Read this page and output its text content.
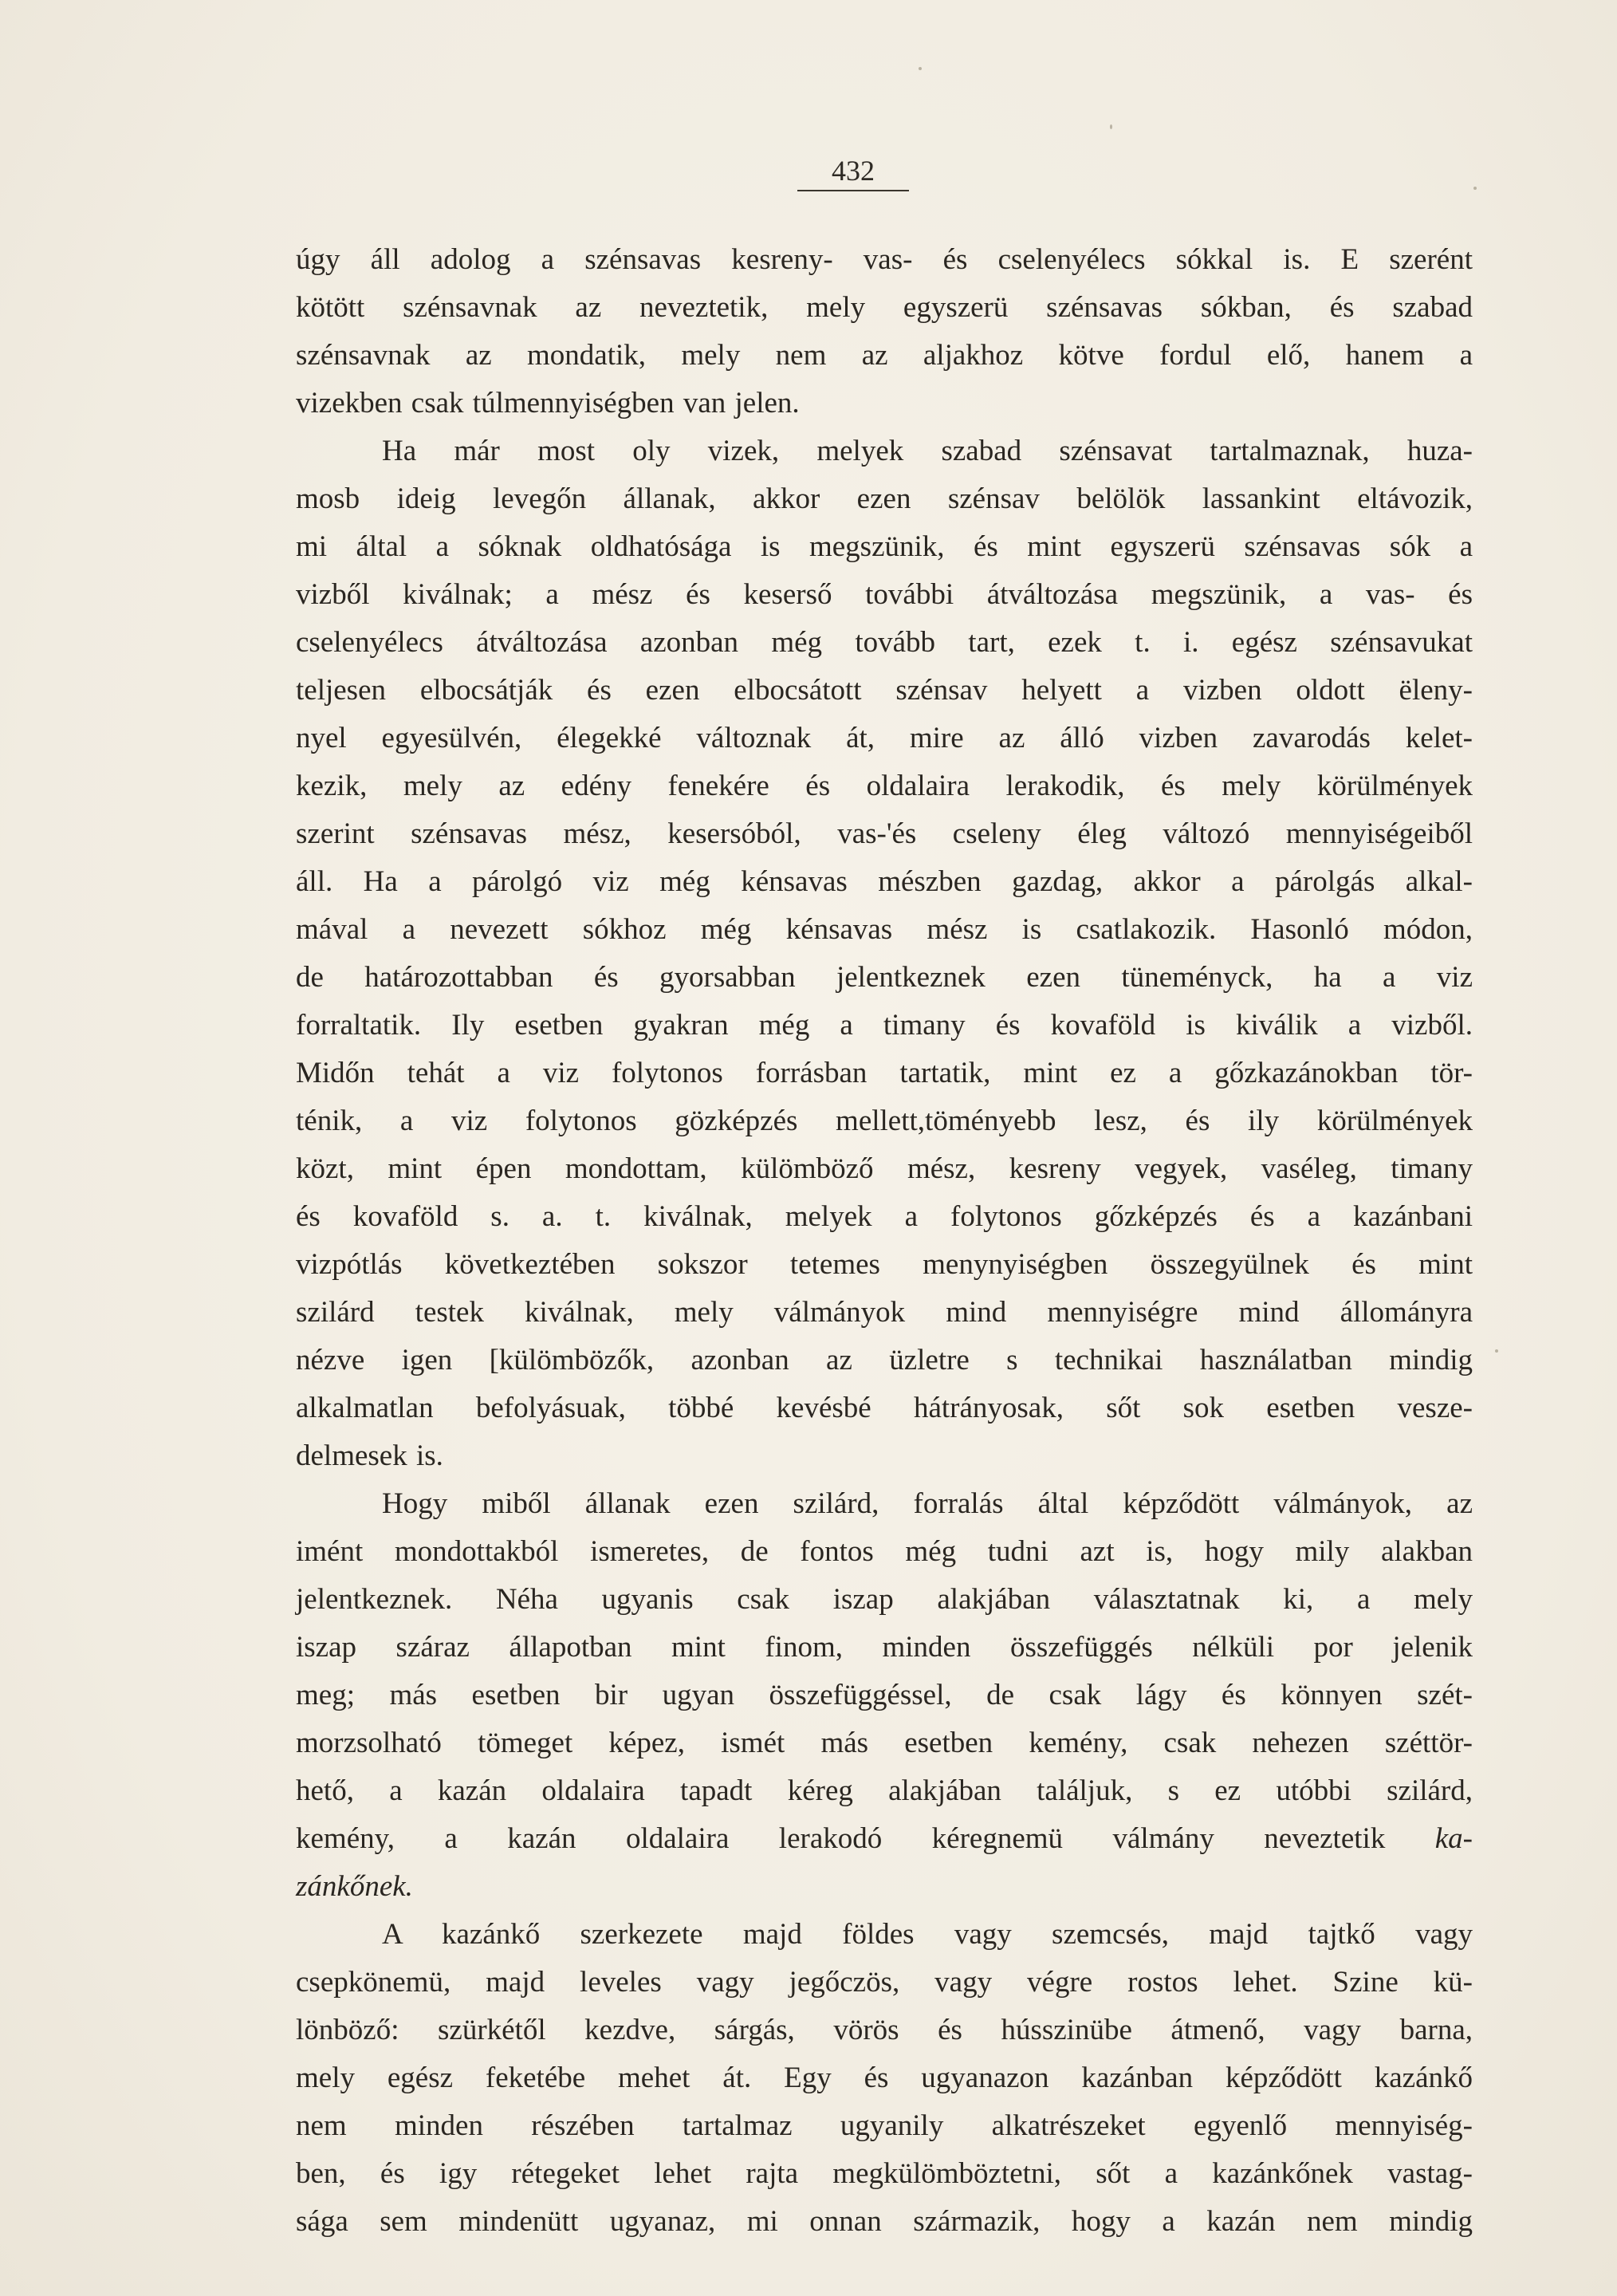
432
úgy áll adolog a szénsavas kesreny- vas- és cselenyélecs sókkal is. E szerént
kötött szénsavnak az neveztetik, mely egyszerü szénsavas sókban, és szabad
szénsavnak az mondatik, mely nem az aljakhoz kötve fordul elő, hanem a
vizekben csak túlmennyiségben van jelen.
Ha már most oly vizek, melyek szabad szénsavat tartalmaznak, huza-
mosb ideig levegőn állanak, akkor ezen szénsav belölök lassankint eltávozik,
mi által a sóknak oldhatósága is megszünik, és mint egyszerü szénsavas sók a
vizből kiválnak; a mész és keserső további átváltozása megszünik, a vas- és
cselenyélecs átváltozása azonban még tovább tart, ezek t. i. egész szénsavukat
teljesen elbocsátják és ezen elbocsátott szénsav helyett a vizben oldott ëleny-
nyel egyesülvén, élegekké változnak át, mire az álló vizben zavarodás kelet-
kezik, mely az edény fenekére és oldalaira lerakodik, és mely körülmények
szerint szénsavas mész, kesersóból, vas-'és cseleny éleg változó mennyiségeiből
áll. Ha a párolgó viz még kénsavas mészben gazdag, akkor a párolgás alkal-
mával a nevezett sókhoz még kénsavas mész is csatlakozik. Hasonló módon,
de határozottabban és gyorsabban jelentkeznek ezen tüneményck, ha a viz
forraltatik. Ily esetben gyakran még a timany és kovaföld is kiválik a vizből.
Midőn tehát a viz folytonos forrásban tartatik, mint ez a gőzkazánokban tör-
ténik, a viz folytonos gözképzés mellett,töményebb lesz, és ily körülmények
közt, mint épen mondottam, külömböző mész, kesreny vegyek, vaséleg, timany
és kovaföld s. a. t. kiválnak, melyek a folytonos gőzképzés és a kazánbani
vizpótlás következtében sokszor tetemes menynyiségben összegyülnek és mint
szilárd testek kiválnak, mely válmányok mind mennyiségre mind állományra
nézve igen [külömbözők, azonban az üzletre s technikai használatban mindig
alkalmatlan befolyásuak, többé kevésbé hátrányosak, sőt sok esetben vesze-
delmesek is.
Hogy miből állanak ezen szilárd, forralás által képződött válmányok, az
imént mondottakból ismeretes, de fontos még tudni azt is, hogy mily alakban
jelentkeznek. Néha ugyanis csak iszap alakjában választatnak ki, a mely
iszap száraz állapotban mint finom, minden összefüggés nélküli por jelenik
meg; más esetben bir ugyan összefüggéssel, de csak lágy és könnyen szét-
morzsolható tömeget képez, ismét más esetben kemény, csak nehezen széttör-
hető, a kazán oldalaira tapadt kéreg alakjában találjuk, s ez utóbbi szilárd,
kemény, a kazán oldalaira lerakodó kéregnemü válmány neveztetik ka-
zánkőnek.
A kazánkő szerkezete majd földes vagy szemcsés, majd tajtkő vagy
csepkönemü, majd leveles vagy jegőczös, vagy végre rostos lehet. Szine kü-
lönböző: szürkétől kezdve, sárgás, vörös és hússzinübe átmenő, vagy barna,
mely egész feketébe mehet át. Egy és ugyanazon kazánban képződött kazánkő
nem minden részében tartalmaz ugyanily alkatrészeket egyenlő mennyiség-
ben, és igy rétegeket lehet rajta megkülömböztetni, sőt a kazánkőnek vastag-
sága sem mindenütt ugyanaz, mi onnan származik, hogy a kazán nem mindig
